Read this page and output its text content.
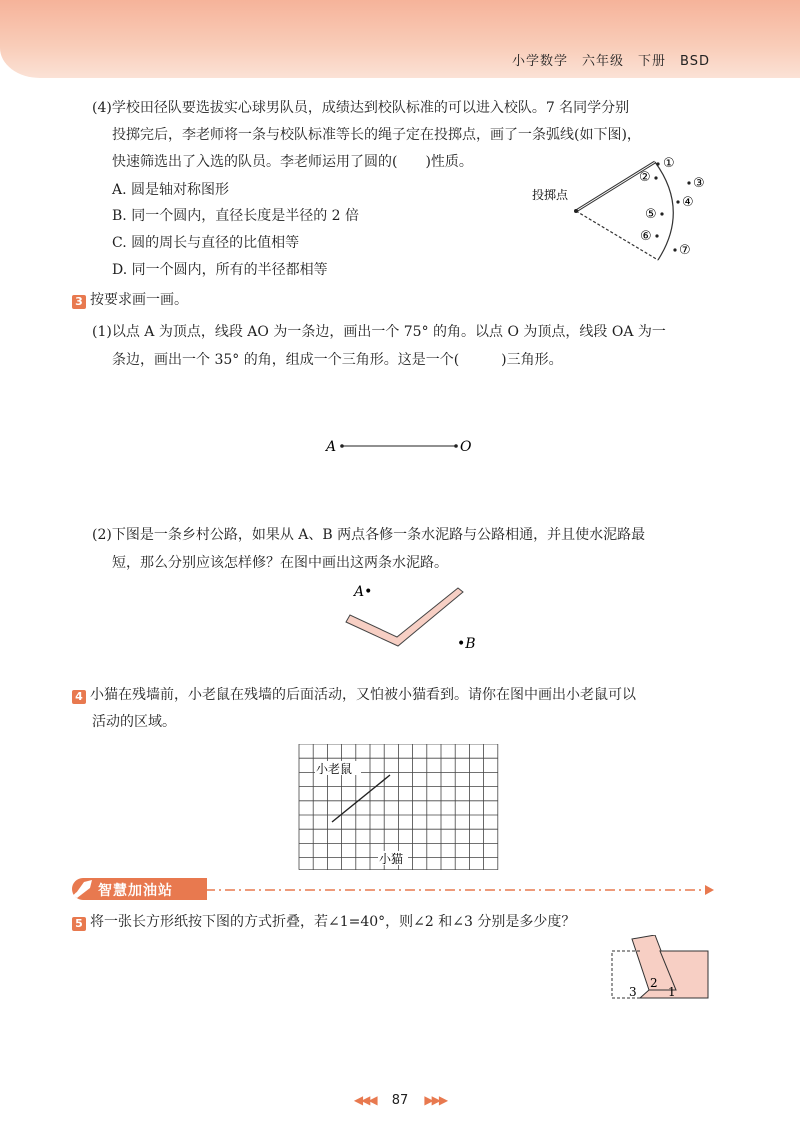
小学数学　六年级　下册　BSD
(4)学校田径队要选拔实心球男队员，成绩达到校队标准的可以进入校队。7 名同学分别
投掷完后，李老师将一条与校队标准等长的绳子定在投掷点，画了一条弧线(如下图)，
快速筛选出了入选的队员。李老师运用了圆的(　　)性质。
A. 圆是轴对称图形
B. 同一个圆内，直径长度是半径的 2 倍
C. 圆的周长与直径的比值相等
D. 同一个圆内，所有的半径都相等
投掷点
①
②	③
④
⑤
⑥
⑦
3 按要求画一画。
(1)以点 A 为顶点，线段 AO 为一条边，画出一个 75° 的角。以点 O 为顶点，线段 OA 为一
条边，画出一个 35° 的角，组成一个三角形。这是一个(　　　)三角形。
A	O
(2)下图是一条乡村公路，如果从 A、B 两点各修一条水泥路与公路相通，并且使水泥路最
短，那么分别应该怎样修？在图中画出这两条水泥路。
A•
•B
4 小猫在残墙前，小老鼠在残墙的后面活动，又怕被小猫看到。请你在图中画出小老鼠可以
活动的区域。
小老鼠
小猫
智慧加油站
5 将一张长方形纸按下图的方式折叠，若∠1=40°，则∠2 和∠3 分别是多少度？
3
2
1
◀◀◀ 87 ▶▶▶
